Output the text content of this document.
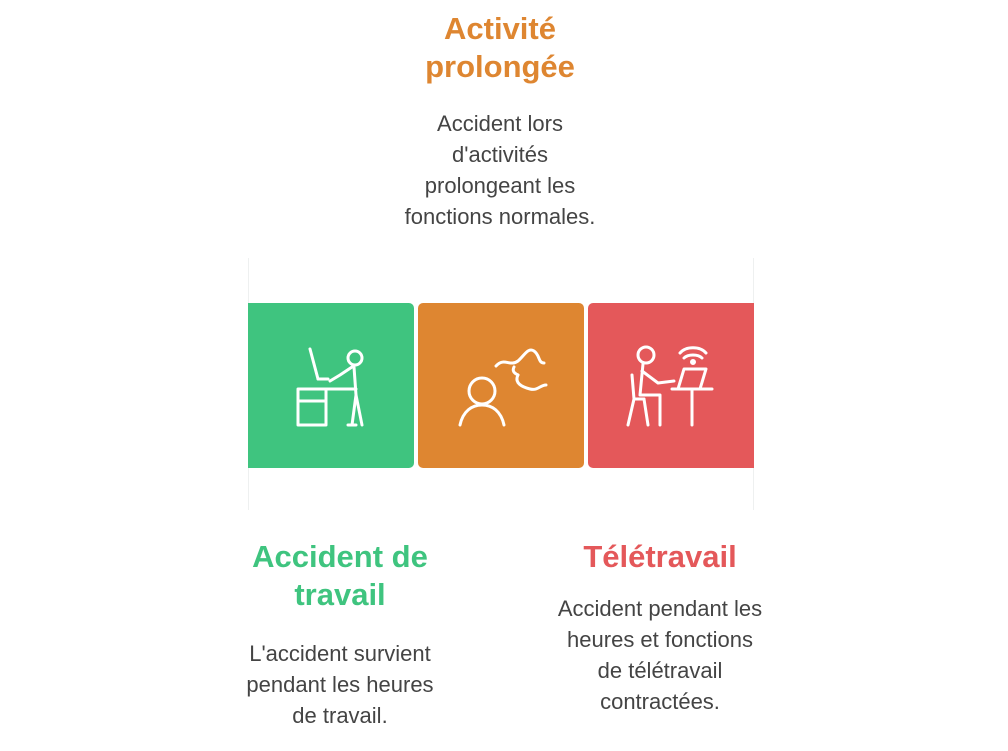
Activité
prolongée
Accident lors
d'activités
prolongeant les
fonctions normales.
Accident de
travail
L'accident survient
pendant les heures
de travail.
Télétravail
Accident pendant les
heures et fonctions
de télétravail
contractées.
